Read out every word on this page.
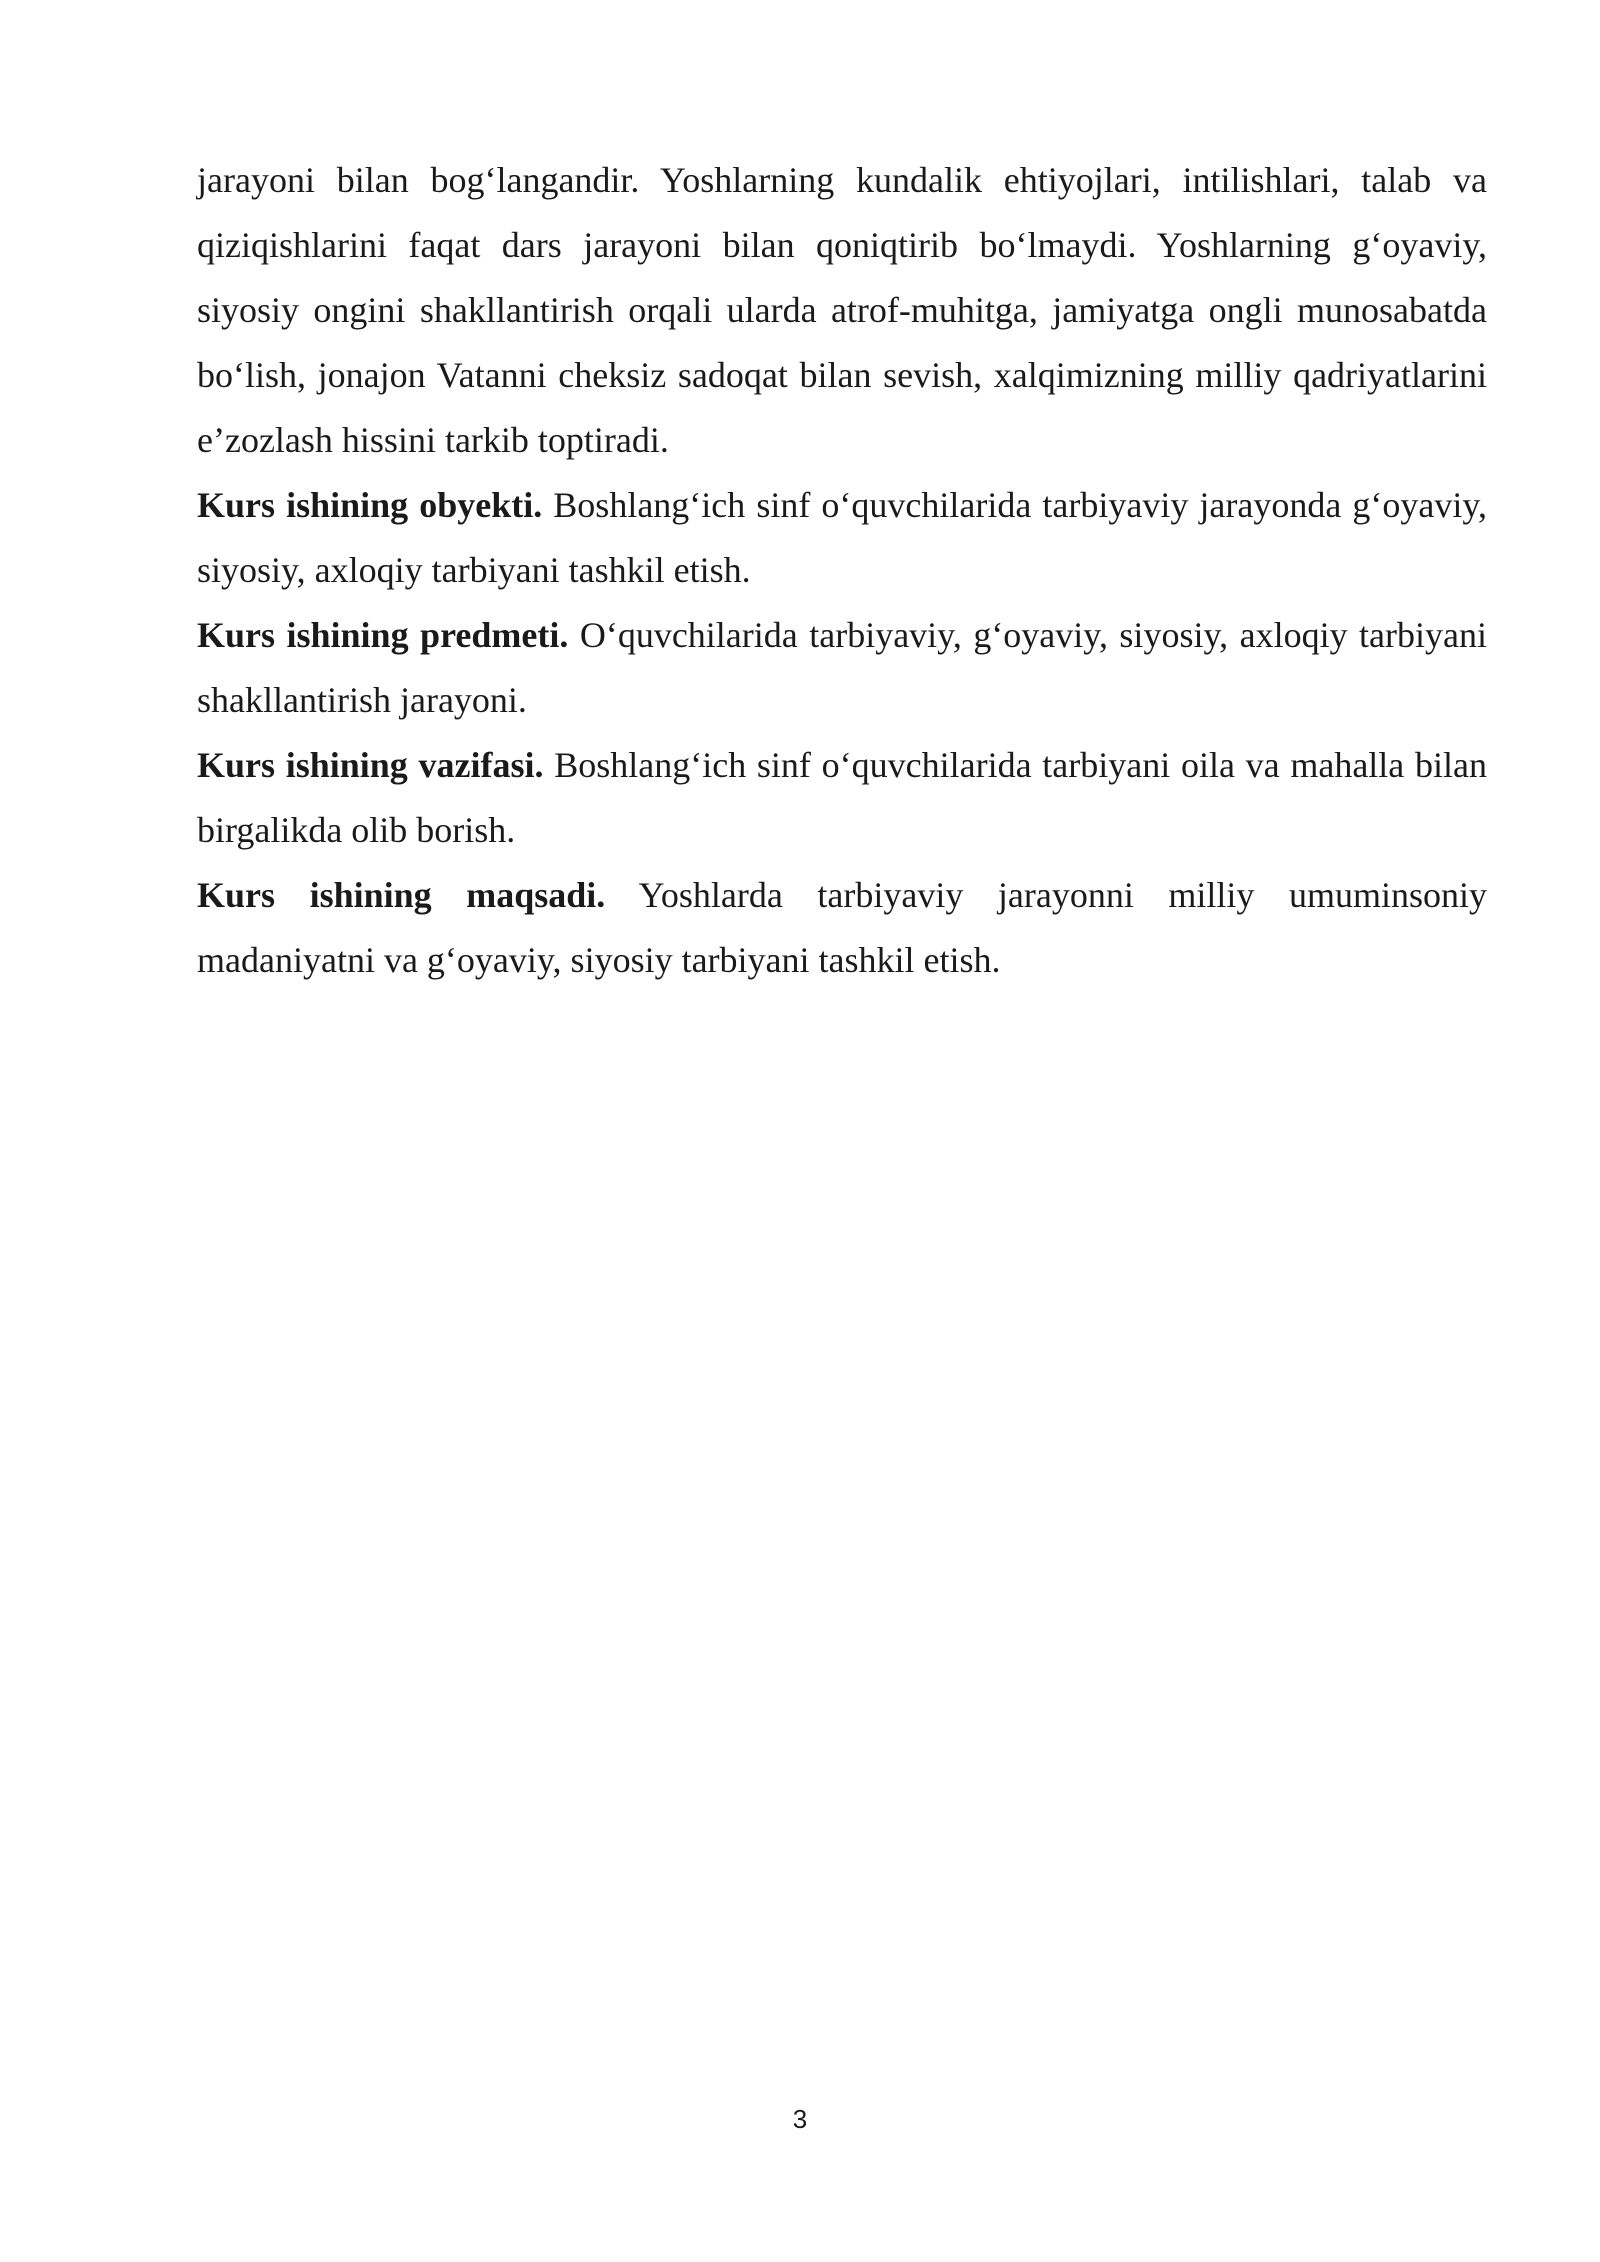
jarayoni bilan bog‘langandir. Yoshlarning kundalik ehtiyojlari, intilishlari, talab va qiziqishlarini faqat dars jarayoni bilan qoniqtirib bo‘lmaydi. Yoshlarning g‘oyaviy, siyosiy ongini shakllantirish orqali ularda atrof-muhitga, jamiyatga ongli munosabatda bo‘lish, jonajon Vatanni cheksiz sadoqat bilan sevish, xalqimizning milliy qadriyatlarini e’zozlash hissini tarkib toptiradi.

Kurs ishining obyekti. Boshlang‘ich sinf o‘quvchilarida tarbiyaviy jarayonda g‘oyaviy, siyosiy, axloqiy tarbiyani tashkil etish.

Kurs ishining predmeti. O‘quvchilarida tarbiyaviy, g‘oyaviy, siyosiy, axloqiy tarbiyani shakllantirish jarayoni.

Kurs ishining vazifasi. Boshlang‘ich sinf o‘quvchilarida tarbiyani oila va mahalla bilan birgalikda olib borish.

Kurs ishining maqsadi. Yoshlarda tarbiyaviy jarayonni milliy umuminsoniy madaniyatni va g‘oyaviy, siyosiy tarbiyani tashkil etish.

3
